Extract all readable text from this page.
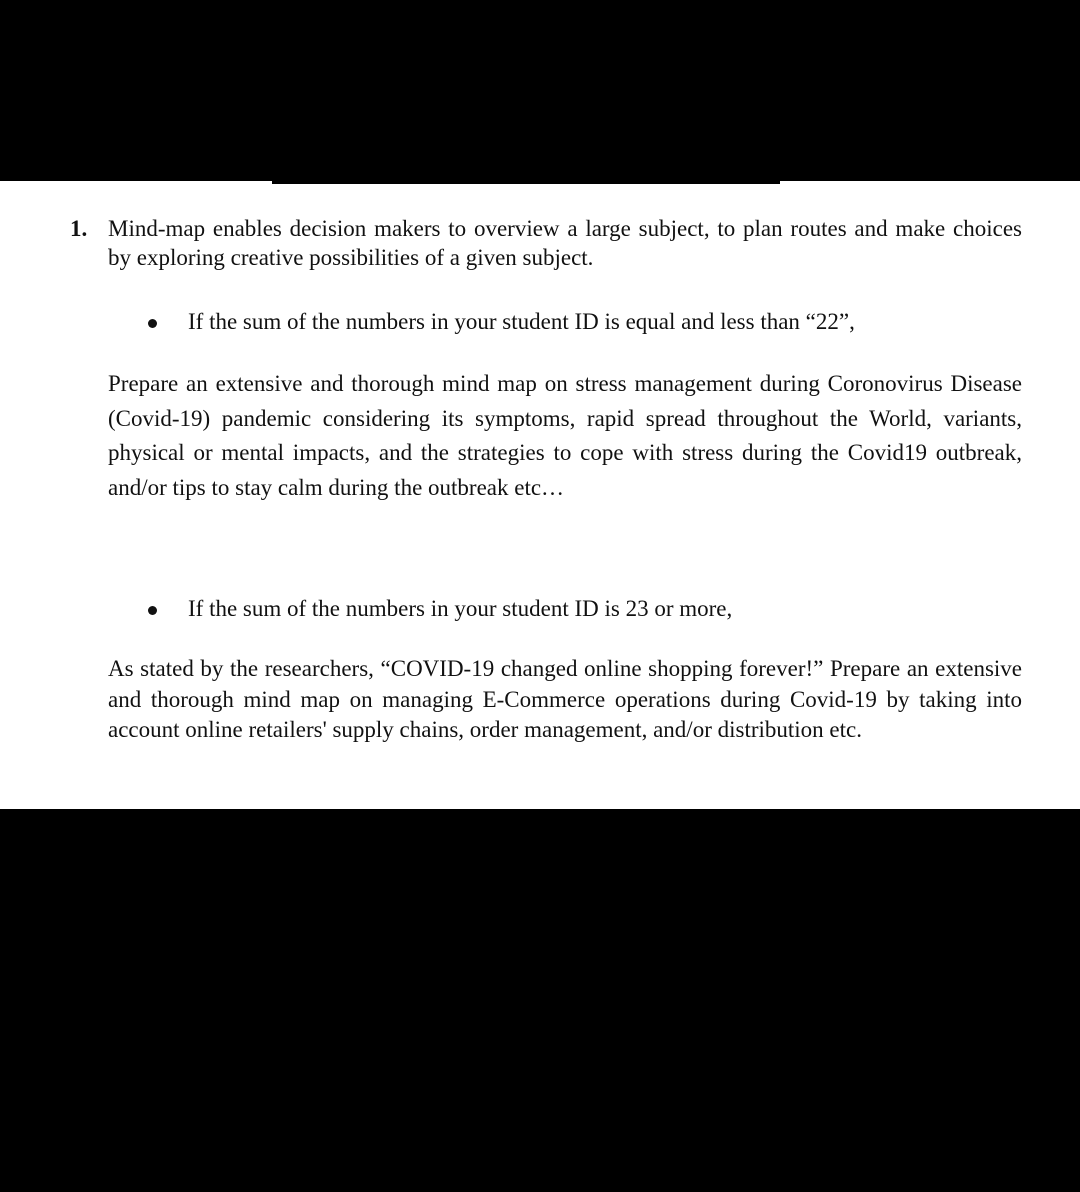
1. Mind-map enables decision makers to overview a large subject, to plan routes and make choices by exploring creative possibilities of a given subject.
If the sum of the numbers in your student ID is equal and less than “22”,
Prepare an extensive and thorough mind map on stress management during Coronovirus Disease (Covid-19) pandemic considering its symptoms, rapid spread throughout the World, variants, physical or mental impacts, and the strategies to cope with stress during the Covid19 outbreak, and/or tips to stay calm during the outbreak etc…
If the sum of the numbers in your student ID is 23 or more,
As stated by the researchers, “COVID-19 changed online shopping forever!” Prepare an extensive and thorough mind map on managing E-Commerce operations during Covid-19 by taking into account online retailers' supply chains, order management, and/or distribution etc.
